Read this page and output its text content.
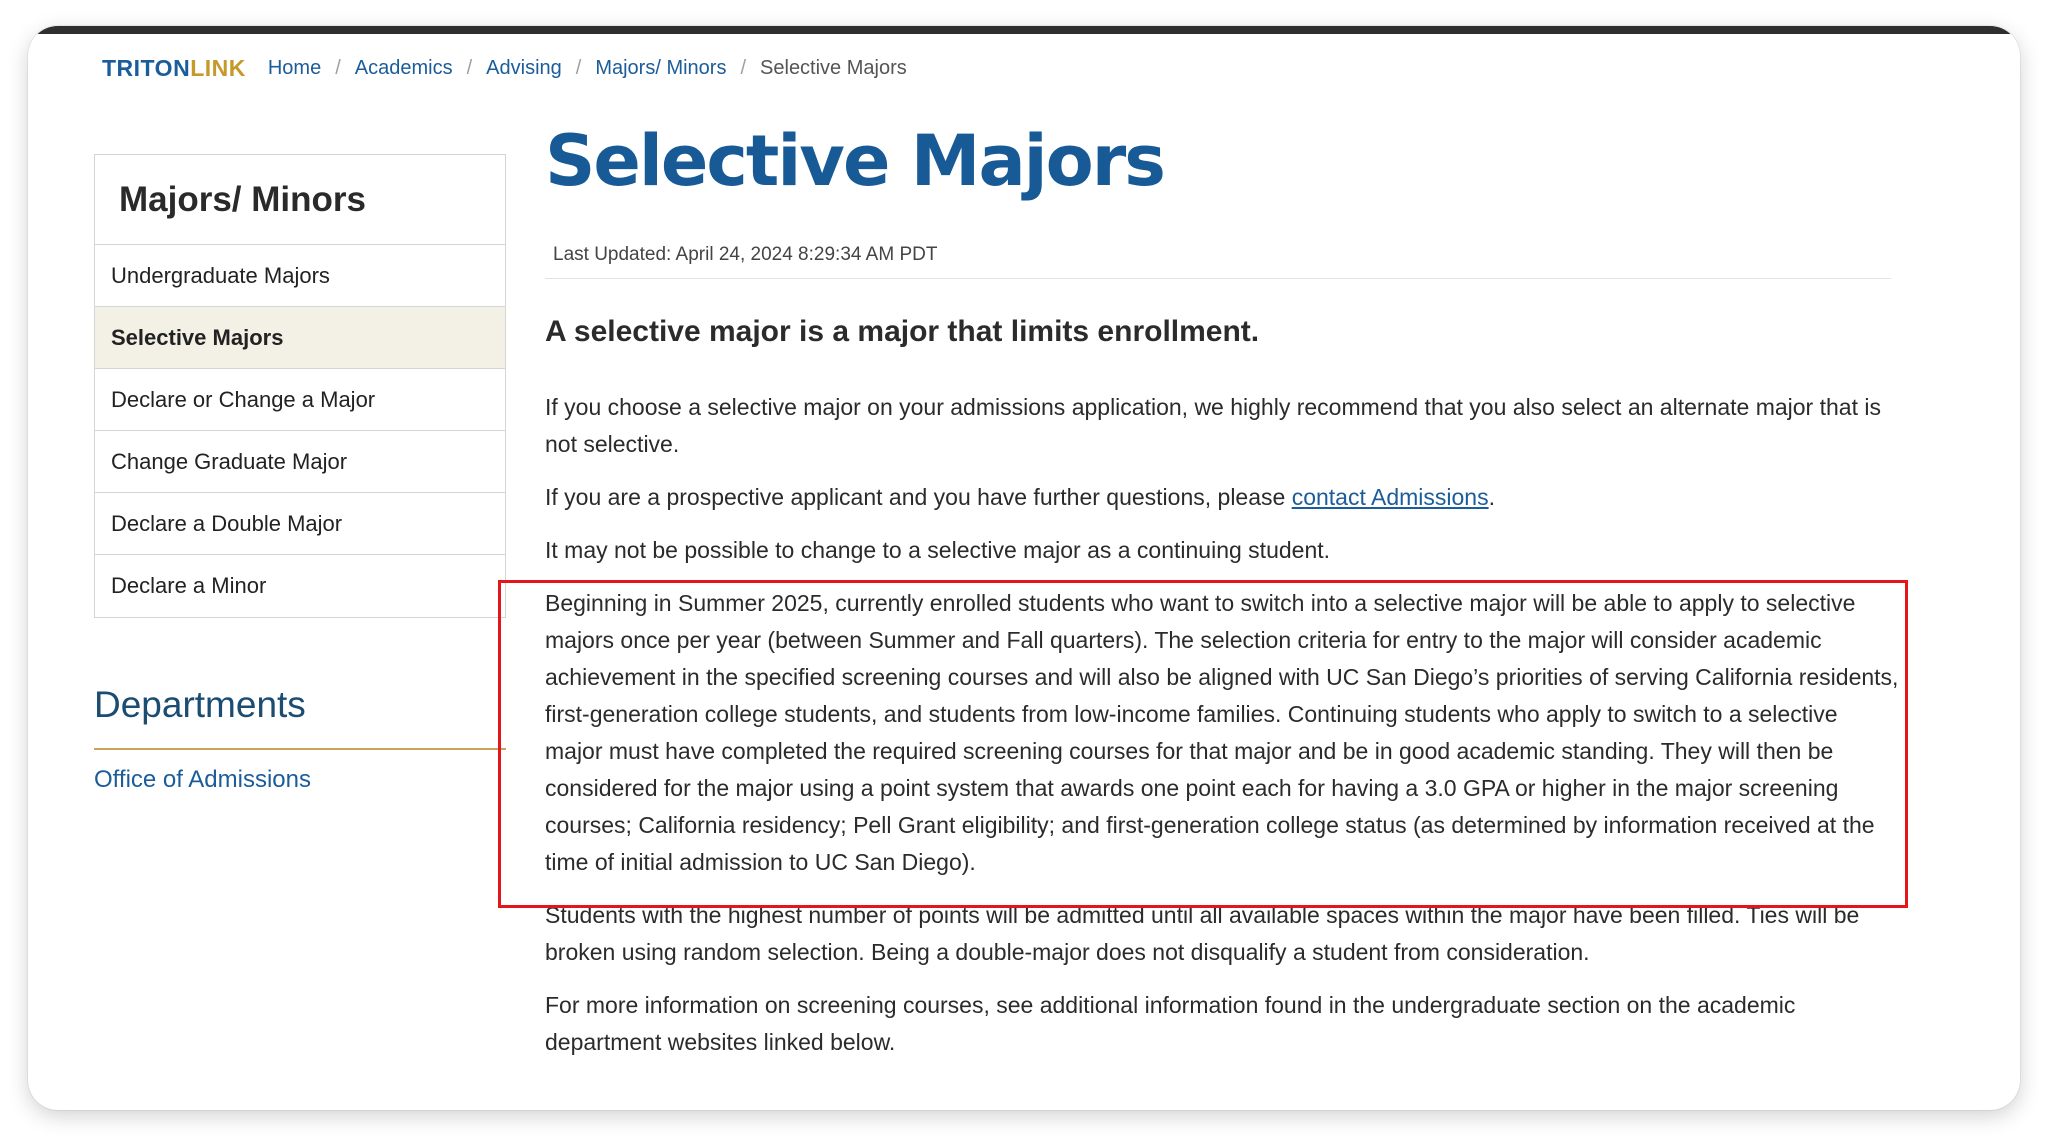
TRITONLINK Home / Academics / Advising / Majors/ Minors / Selective Majors
Majors/ Minors
Undergraduate Majors
Selective Majors
Declare or Change a Major
Change Graduate Major
Declare a Double Major
Declare a Minor
Departments
Office of Admissions
Selective Majors
Last Updated: April 24, 2024 8:29:34 AM PDT
A selective major is a major that limits enrollment.

If you choose a selective major on your admissions application, we highly recommend that you also select an alternate major that is not selective.

If you are a prospective applicant and you have further questions, please contact Admissions.

It may not be possible to change to a selective major as a continuing student.

Beginning in Summer 2025, currently enrolled students who want to switch into a selective major will be able to apply to selective majors once per year (between Summer and Fall quarters). The selection criteria for entry to the major will consider academic achievement in the specified screening courses and will also be aligned with UC San Diego’s priorities of serving California residents, first-generation college students, and students from low-income families. Continuing students who apply to switch to a selective major must have completed the required screening courses for that major and be in good academic standing. They will then be considered for the major using a point system that awards one point each for having a 3.0 GPA or higher in the major screening courses; California residency; Pell Grant eligibility; and first-generation college status (as determined by information received at the time of initial admission to UC San Diego).

Students with the highest number of points will be admitted until all available spaces within the major have been filled. Ties will be broken using random selection. Being a double-major does not disqualify a student from consideration.

For more information on screening courses, see additional information found in the undergraduate section on the academic department websites linked below.
